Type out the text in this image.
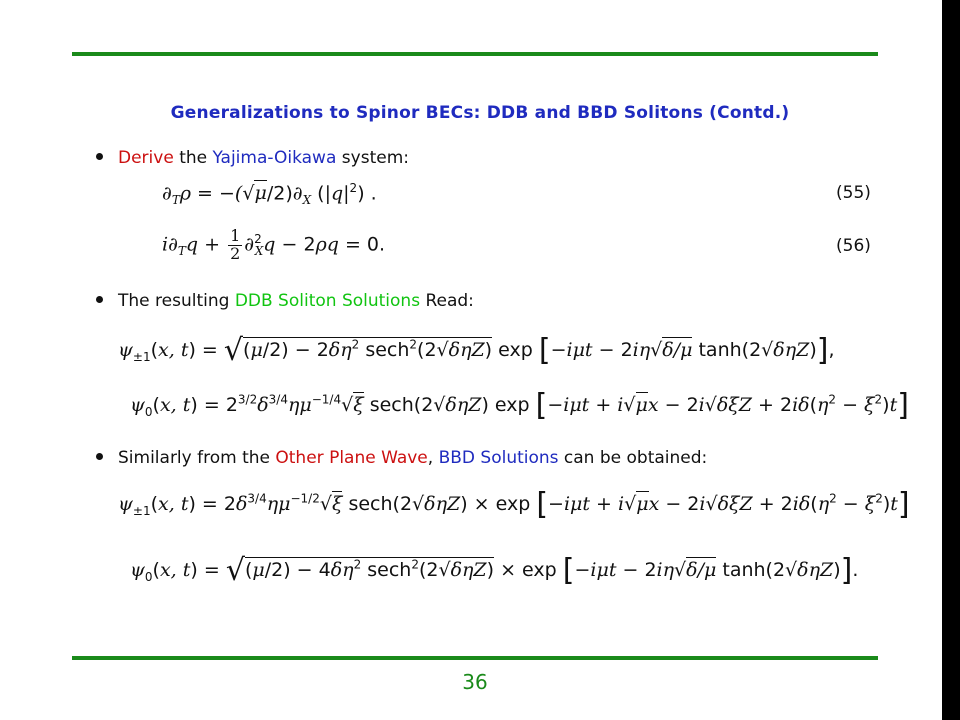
Generalizations to Spinor BECs: DDB and BBD Solitons (Contd.)
Derive the Yajima-Oikawa system:
$\partial_T\rho = -(√\mu/2)\partial_X$ $(|q|^2)$ .	(55)
$i\partial_Tq + \frac{1}{2} \partial^2_Xq - 2\rho q = 0$.	(56)
The resulting DDB Soliton Solutions Read:
$\psi_{\pm 1}(x$, $t) = √(\mu/2) - 2\delta\eta^2$ sech$^2$(2√δηZ) exp [−iμt − 2iη√δ/μ tanh(2√δηZ)],
$\psi_0(x$, $t) = 2^{3/2}\delta^{3/4}\eta\mu^{-1/4}√\xi$ sech(2√δηZ) $\exp [-i\mu t + i√\mu x - 2i√\delta\xi Z + 2i\delta(\eta^2 - \xi^2)t]$
Similarly from the Other Plane Wave, BBD Solutions can be obtained:
$\psi_{\pm 1}(x$, $t) = 2\delta^{3/4}\eta\mu^{-1/2}√\xi$ $\sec h(2√\delta\eta Z) \times \exp [-i\mu t + i√\mu x - 2i√\delta\xi Z + 2i\delta(\eta^2 - \xi^2)t]$
$\psi_0(x$, $t) = √(\mu/2) - 4\delta\eta^2$ sech$^2$(2√δηZ) × exp [−iμt − 2iη√δ/μ tanh(2√δηZ)].
36
